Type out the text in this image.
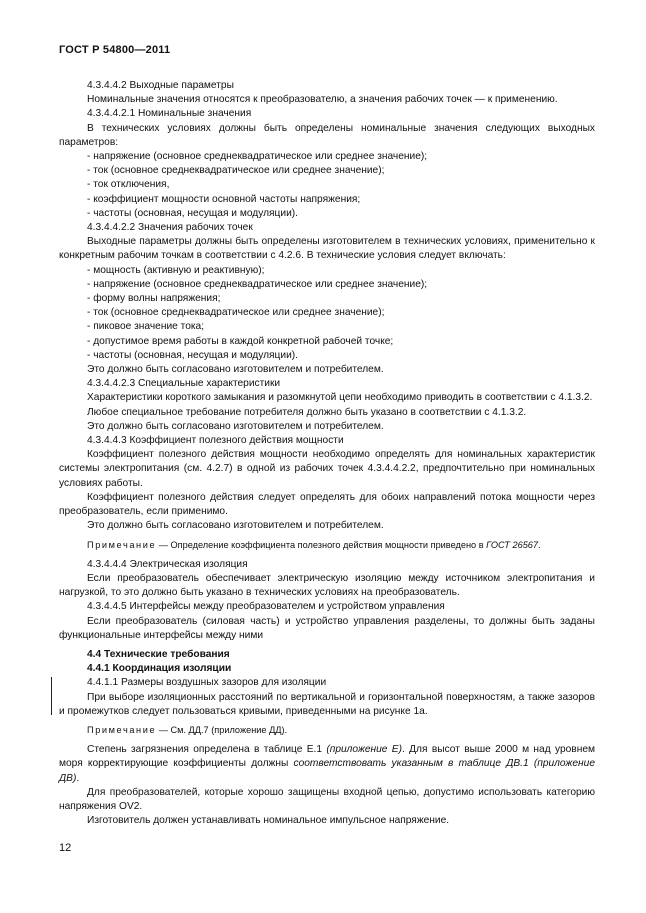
ГОСТ Р 54800—2011

4.3.4.4.2 Выходные параметры

Номинальные значения относятся к преобразователю, а значения рабочих точек — к применению.

4.3.4.4.2.1 Номинальные значения

В технических условиях должны быть определены номинальные значения следующих выходных параметров:

- напряжение (основное среднеквадратическое или среднее значение);

- ток (основное среднеквадратическое или среднее значение);

- ток отключения,

- коэффициент мощности основной частоты напряжения;

- частоты (основная, несущая и модуляции).

4.3.4.4.2.2 Значения рабочих точек

Выходные параметры должны быть определены изготовителем в технических условиях, применительно к конкретным рабочим точкам в соответствии с 4.2.6. В технические условия следует включать:

- мощность (активную и реактивную);

- напряжение (основное среднеквадратическое или среднее значение);

- форму волны напряжения;

- ток (основное среднеквадратическое или среднее значение);

- пиковое значение тока;

- допустимое время работы в каждой конкретной рабочей точке;

- частоты (основная, несущая и модуляции).

Это должно быть согласовано изготовителем и потребителем.

4.3.4.4.2.3 Специальные характеристики

Характеристики короткого замыкания и разомкнутой цепи необходимо приводить в соответствии с 4.1.3.2.

Любое специальное требование потребителя должно быть указано в соответствии с 4.1.3.2.

Это должно быть согласовано изготовителем и потребителем.

4.3.4.4.3 Коэффициент полезного действия мощности

Коэффициент полезного действия мощности необходимо определять для номинальных характеристик системы электропитания (см. 4.2.7) в одной из рабочих точек 4.3.4.4.2.2, предпочтительно при номинальных условиях работы.

Коэффициент полезного действия следует определять для обоих направлений потока мощности через преобразователь, если применимо.

Это должно быть согласовано изготовителем и потребителем.

Примечание — Определение коэффициента полезного действия мощности приведено в ГОСТ 26567.

4.3.4.4.4 Электрическая изоляция

Если преобразователь обеспечивает электрическую изоляцию между источником электропитания и нагрузкой, то это должно быть указано в технических условиях на преобразователь.

4.3.4.4.5 Интерфейсы между преобразователем и устройством управления

Если преобразователь (силовая часть) и устройство управления разделены, то должны быть заданы функциональные интерфейсы между ними

4.4 Технические требования

4.4.1 Координация изоляции

4.4.1.1 Размеры воздушных зазоров для изоляции

При выборе изоляционных расстояний по вертикальной и горизонтальной поверхностям, а также зазоров и промежутков следует пользоваться кривыми, приведенными на рисунке 1а.

Примечание — См. ДД.7 (приложение ДД).

Степень загрязнения определена в таблице Е.1 (приложение Е). Для высот выше 2000 м над уровнем моря корректирующие коэффициенты должны соответствовать указанным в таблице ДВ.1 (приложение ДВ).

Для преобразователей, которые хорошо защищены входной цепью, допустимо использовать категорию напряжения OV2.

Изготовитель должен устанавливать номинальное импульсное напряжение.

12
